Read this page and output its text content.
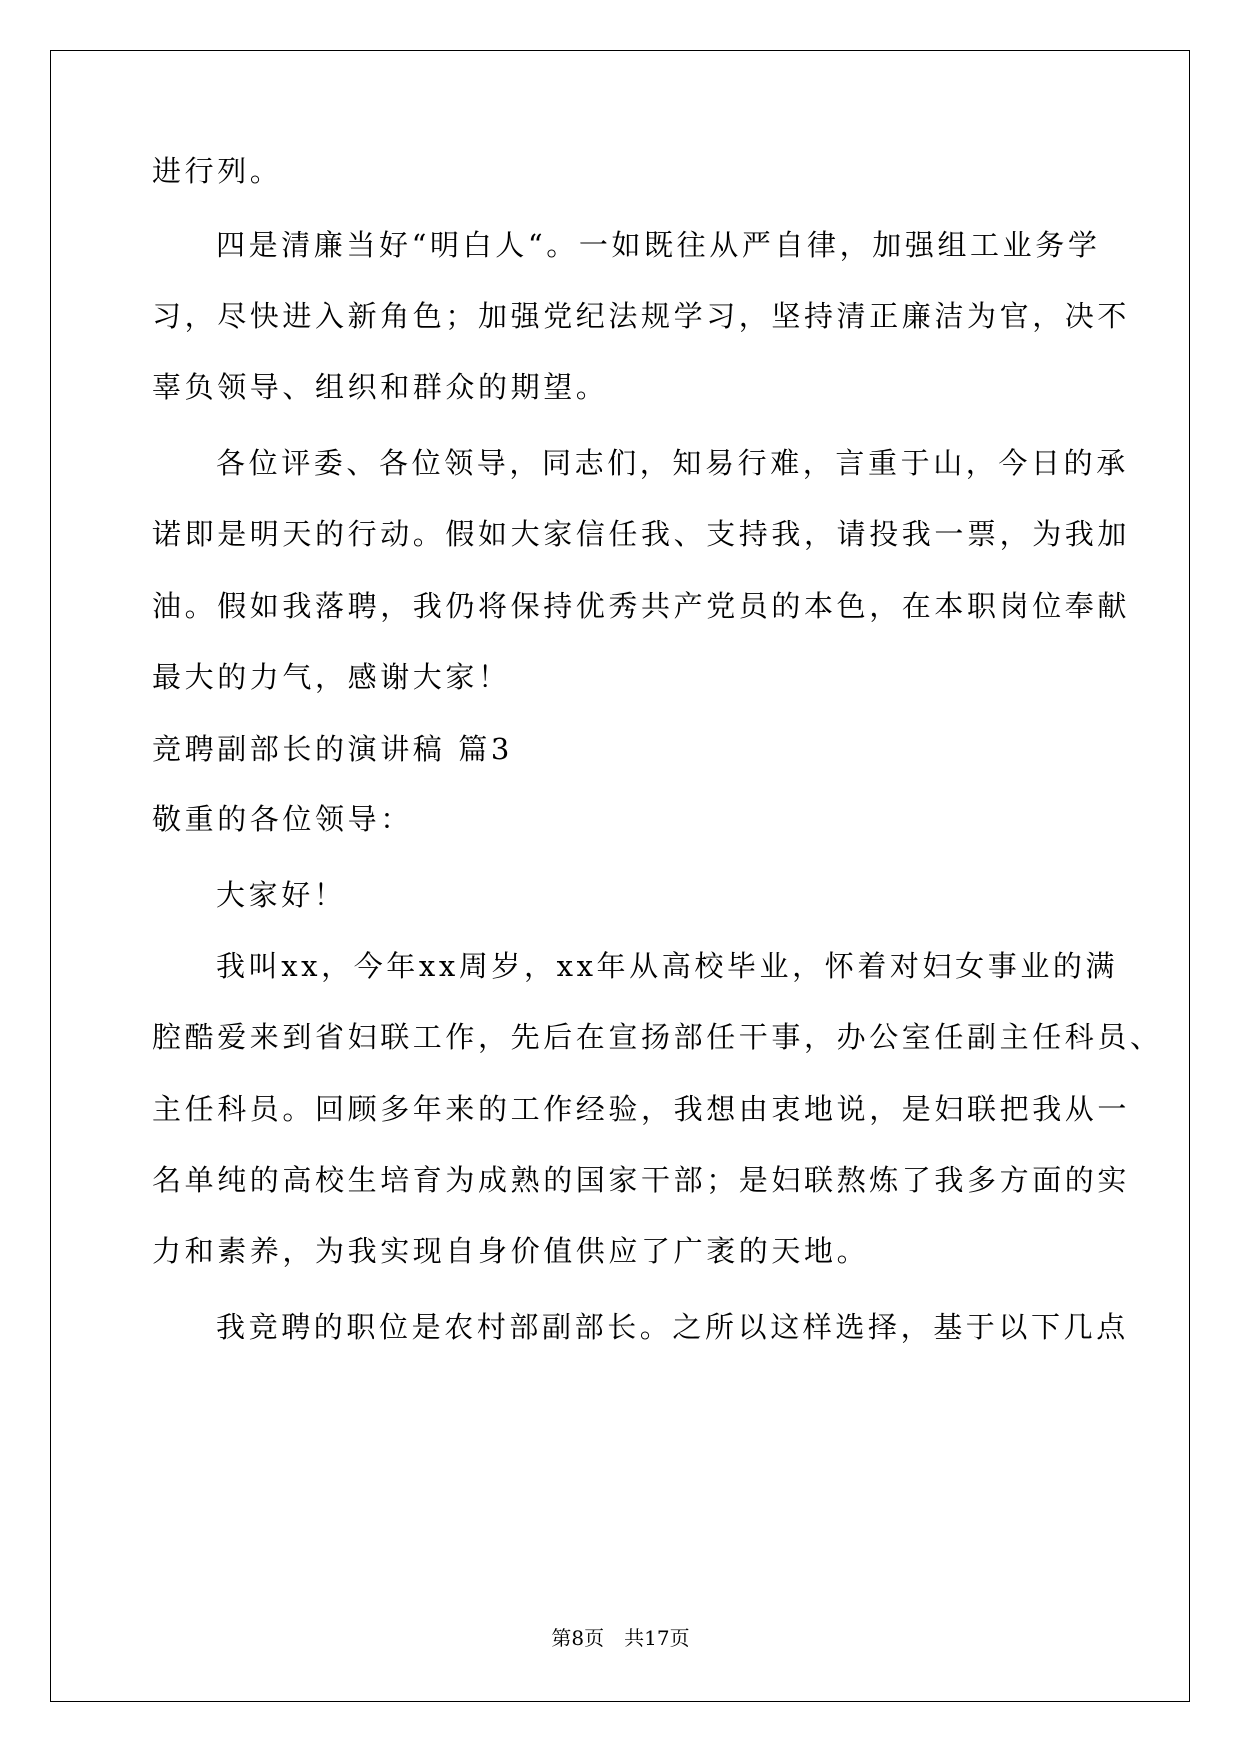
进行列。
四是清廉当好“明白人“。一如既往从严自律，加强组工业务学
习，尽快进入新角色；加强党纪法规学习，坚持清正廉洁为官，决不
辜负领导、组织和群众的期望。
各位评委、各位领导，同志们，知易行难，言重于山，今日的承
诺即是明天的行动。假如大家信任我、支持我，请投我一票，为我加
油。假如我落聘，我仍将保持优秀共产党员的本色，在本职岗位奉献
最大的力气，感谢大家！
竞聘副部长的演讲稿 篇3
敬重的各位领导：
大家好！
我叫xx，今年xx周岁，xx年从高校毕业，怀着对妇女事业的满
腔酷爱来到省妇联工作，先后在宣扬部任干事，办公室任副主任科员、
主任科员。回顾多年来的工作经验，我想由衷地说，是妇联把我从一
名单纯的高校生培育为成熟的国家干部；是妇联熬炼了我多方面的实
力和素养，为我实现自身价值供应了广袤的天地。
我竞聘的职位是农村部副部长。之所以这样选择，基于以下几点
第8页　共17页
